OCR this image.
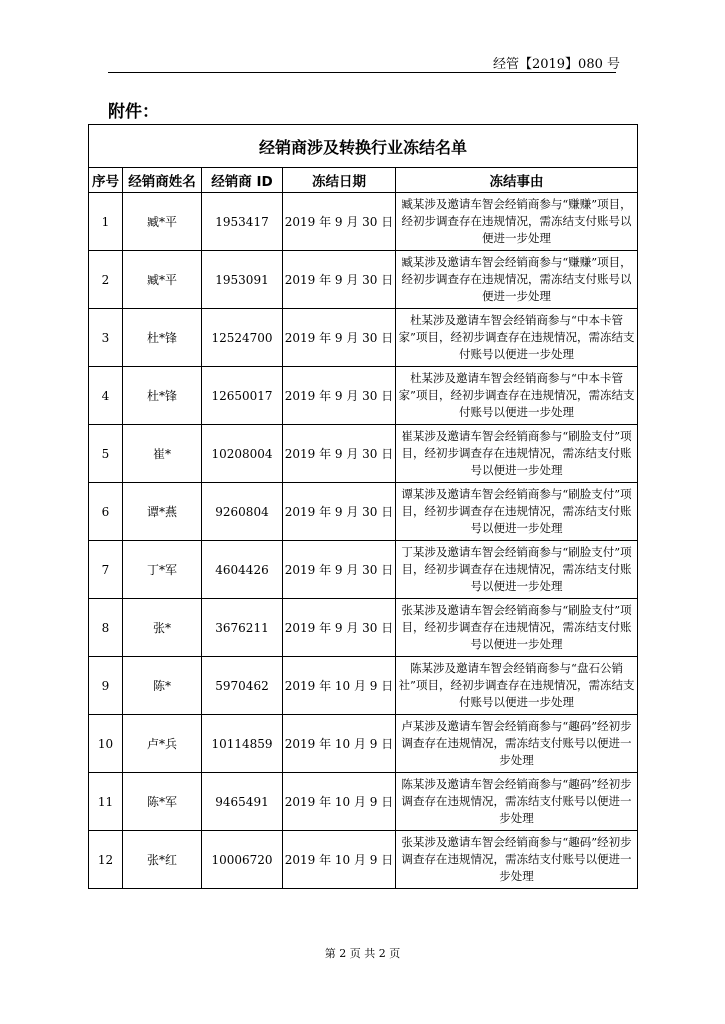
经管【2019】080 号
附件：
经销商涉及转换行业冻结名单				
序号	经销商姓名	经销商 ID	冻结日期	冻结事由
1	臧*平	1953417	2019 年 9 月 30 日	臧某涉及邀请车智会经销商参与“赚赚”项目，经初步调查存在违规情况，需冻结支付账号以便进一步处理
2	臧*平	1953091	2019 年 9 月 30 日	臧某涉及邀请车智会经销商参与“赚赚”项目，经初步调查存在违规情况，需冻结支付账号以便进一步处理
3	杜*锋	12524700	2019 年 9 月 30 日	杜某涉及邀请车智会经销商参与“中本卡管家”项目，经初步调查存在违规情况，需冻结支付账号以便进一步处理
4	杜*锋	12650017	2019 年 9 月 30 日	杜某涉及邀请车智会经销商参与“中本卡管家”项目，经初步调查存在违规情况，需冻结支付账号以便进一步处理
5	崔*	10208004	2019 年 9 月 30 日	崔某涉及邀请车智会经销商参与“刷脸支付”项目，经初步调查存在违规情况，需冻结支付账号以便进一步处理
6	谭*燕	9260804	2019 年 9 月 30 日	谭某涉及邀请车智会经销商参与“刷脸支付”项目，经初步调查存在违规情况，需冻结支付账号以便进一步处理
7	丁*军	4604426	2019 年 9 月 30 日	丁某涉及邀请车智会经销商参与“刷脸支付”项目，经初步调查存在违规情况，需冻结支付账号以便进一步处理
8	张*	3676211	2019 年 9 月 30 日	张某涉及邀请车智会经销商参与“刷脸支付”项目，经初步调查存在违规情况，需冻结支付账号以便进一步处理
9	陈*	5970462	2019 年 10 月 9 日	陈某涉及邀请车智会经销商参与“盘石公销社”项目，经初步调查存在违规情况，需冻结支付账号以便进一步处理
10	卢*兵	10114859	2019 年 10 月 9 日	卢某涉及邀请车智会经销商参与“趣码”经初步调查存在违规情况，需冻结支付账号以便进一步处理
11	陈*军	9465491	2019 年 10 月 9 日	陈某涉及邀请车智会经销商参与“趣码”经初步调查存在违规情况，需冻结支付账号以便进一步处理
12	张*红	10006720	2019 年 10 月 9 日	张某涉及邀请车智会经销商参与“趣码”经初步调查存在违规情况，需冻结支付账号以便进一步处理
第 2 页 共 2 页
